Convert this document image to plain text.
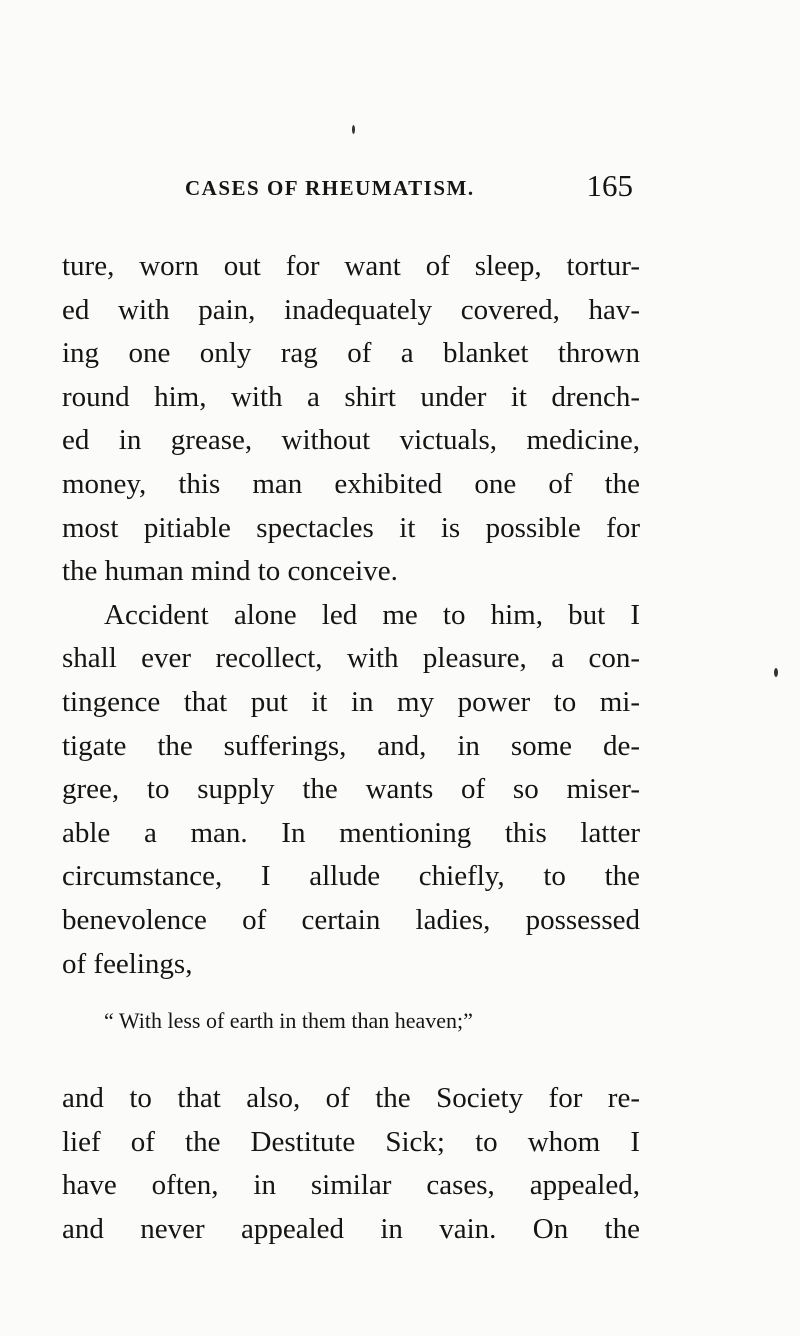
CASES OF RHEUMATISM.	165
ture, worn out for want of sleep, tortur-
ed with pain, inadequately covered, hav-
ing one only rag of a blanket thrown
round him, with a shirt under it drench-
ed in grease, without victuals, medicine,
money, this man exhibited one of the
most pitiable spectacles it is possible for
the human mind to conceive.
Accident alone led me to him, but I
shall ever recollect, with pleasure, a con-
tingence that put it in my power to mi-
tigate the sufferings, and, in some de-
gree, to supply the wants of so miser-
able a man. In mentioning this latter
circumstance, I allude chiefly, to the
benevolence of certain ladies, possessed
of feelings,
“ With less of earth in them than heaven;”
and to that also, of the Society for re-
lief of the Destitute Sick; to whom I
have often, in similar cases, appealed,
and never appealed in vain. On the
